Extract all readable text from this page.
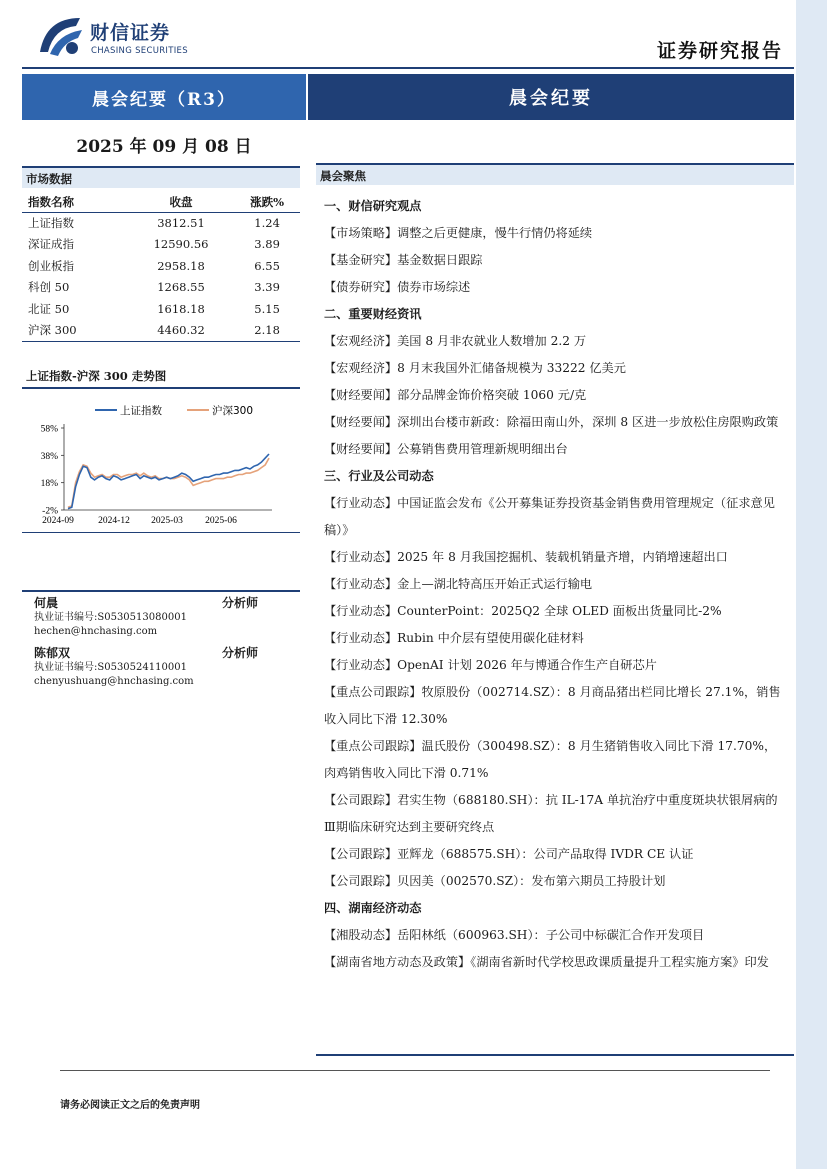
财信证券
CHASING SECURITIES	证券研究报告
晨会纪要（R3）	晨会纪要
2025 年 09 月 08 日
市场数据
指数名称	收盘	涨跌%
上证指数	3812.51	1.24
深证成指	12590.56	3.89
创业板指	2958.18	6.55
科创 50	1268.55	3.39
北证 50	1618.18	5.15
沪深 300	4460.32	2.18
上证指数-沪深 300 走势图
58%
38%
18%
-2%
2024-09	2024-12 2025-03 2025-06
上证指数	沪深300
何晨	分析师
执业证书编号:S0530513080001
hechen@hnchasing.com
陈郁双	分析师
执业证书编号:S0530524110001
chenyushuang@hnchasing.com
晨会聚焦
一、财信研究观点
【市场策略】调整之后更健康，慢牛行情仍将延续
【基金研究】基金数据日跟踪
【债券研究】债券市场综述
二、重要财经资讯
【宏观经济】美国 8 月非农就业人数增加 2.2 万
【宏观经济】8 月末我国外汇储备规模为 33222 亿美元
【财经要闻】部分品牌金饰价格突破 1060 元/克
【财经要闻】深圳出台楼市新政：除福田南山外，深圳 8 区进一步放松住房限购政策
【财经要闻】公募销售费用管理新规明细出台
三、行业及公司动态
【行业动态】中国证监会发布《公开募集证券投资基金销售费用管理规定（征求意见稿）》
【行业动态】2025 年 8 月我国挖掘机、装载机销量齐增，内销增速超出口
【行业动态】金上—湖北特高压开始正式运行输电
【行业动态】CounterPoint：2025Q2 全球 OLED 面板出货量同比-2%
【行业动态】Rubin 中介层有望使用碳化硅材料
【行业动态】OpenAI 计划 2026 年与博通合作生产自研芯片
【重点公司跟踪】牧原股份（002714.SZ）：8 月商品猪出栏同比增长 27.1%，销售收入同比下滑 12.30%
【重点公司跟踪】温氏股份（300498.SZ）：8 月生猪销售收入同比下滑 17.70%，肉鸡销售收入同比下滑 0.71%
【公司跟踪】君实生物（688180.SH）：抗 IL-17A 单抗治疗中重度斑块状银屑病的Ⅲ期临床研究达到主要研究终点
【公司跟踪】亚辉龙（688575.SH）：公司产品取得 IVDR CE 认证
【公司跟踪】贝因美（002570.SZ）：发布第六期员工持股计划
四、湖南经济动态
【湘股动态】岳阳林纸（600963.SH）：子公司中标碳汇合作开发项目
【湖南省地方动态及政策】《湖南省新时代学校思政课质量提升工程实施方案》印发
请务必阅读正文之后的免责声明
